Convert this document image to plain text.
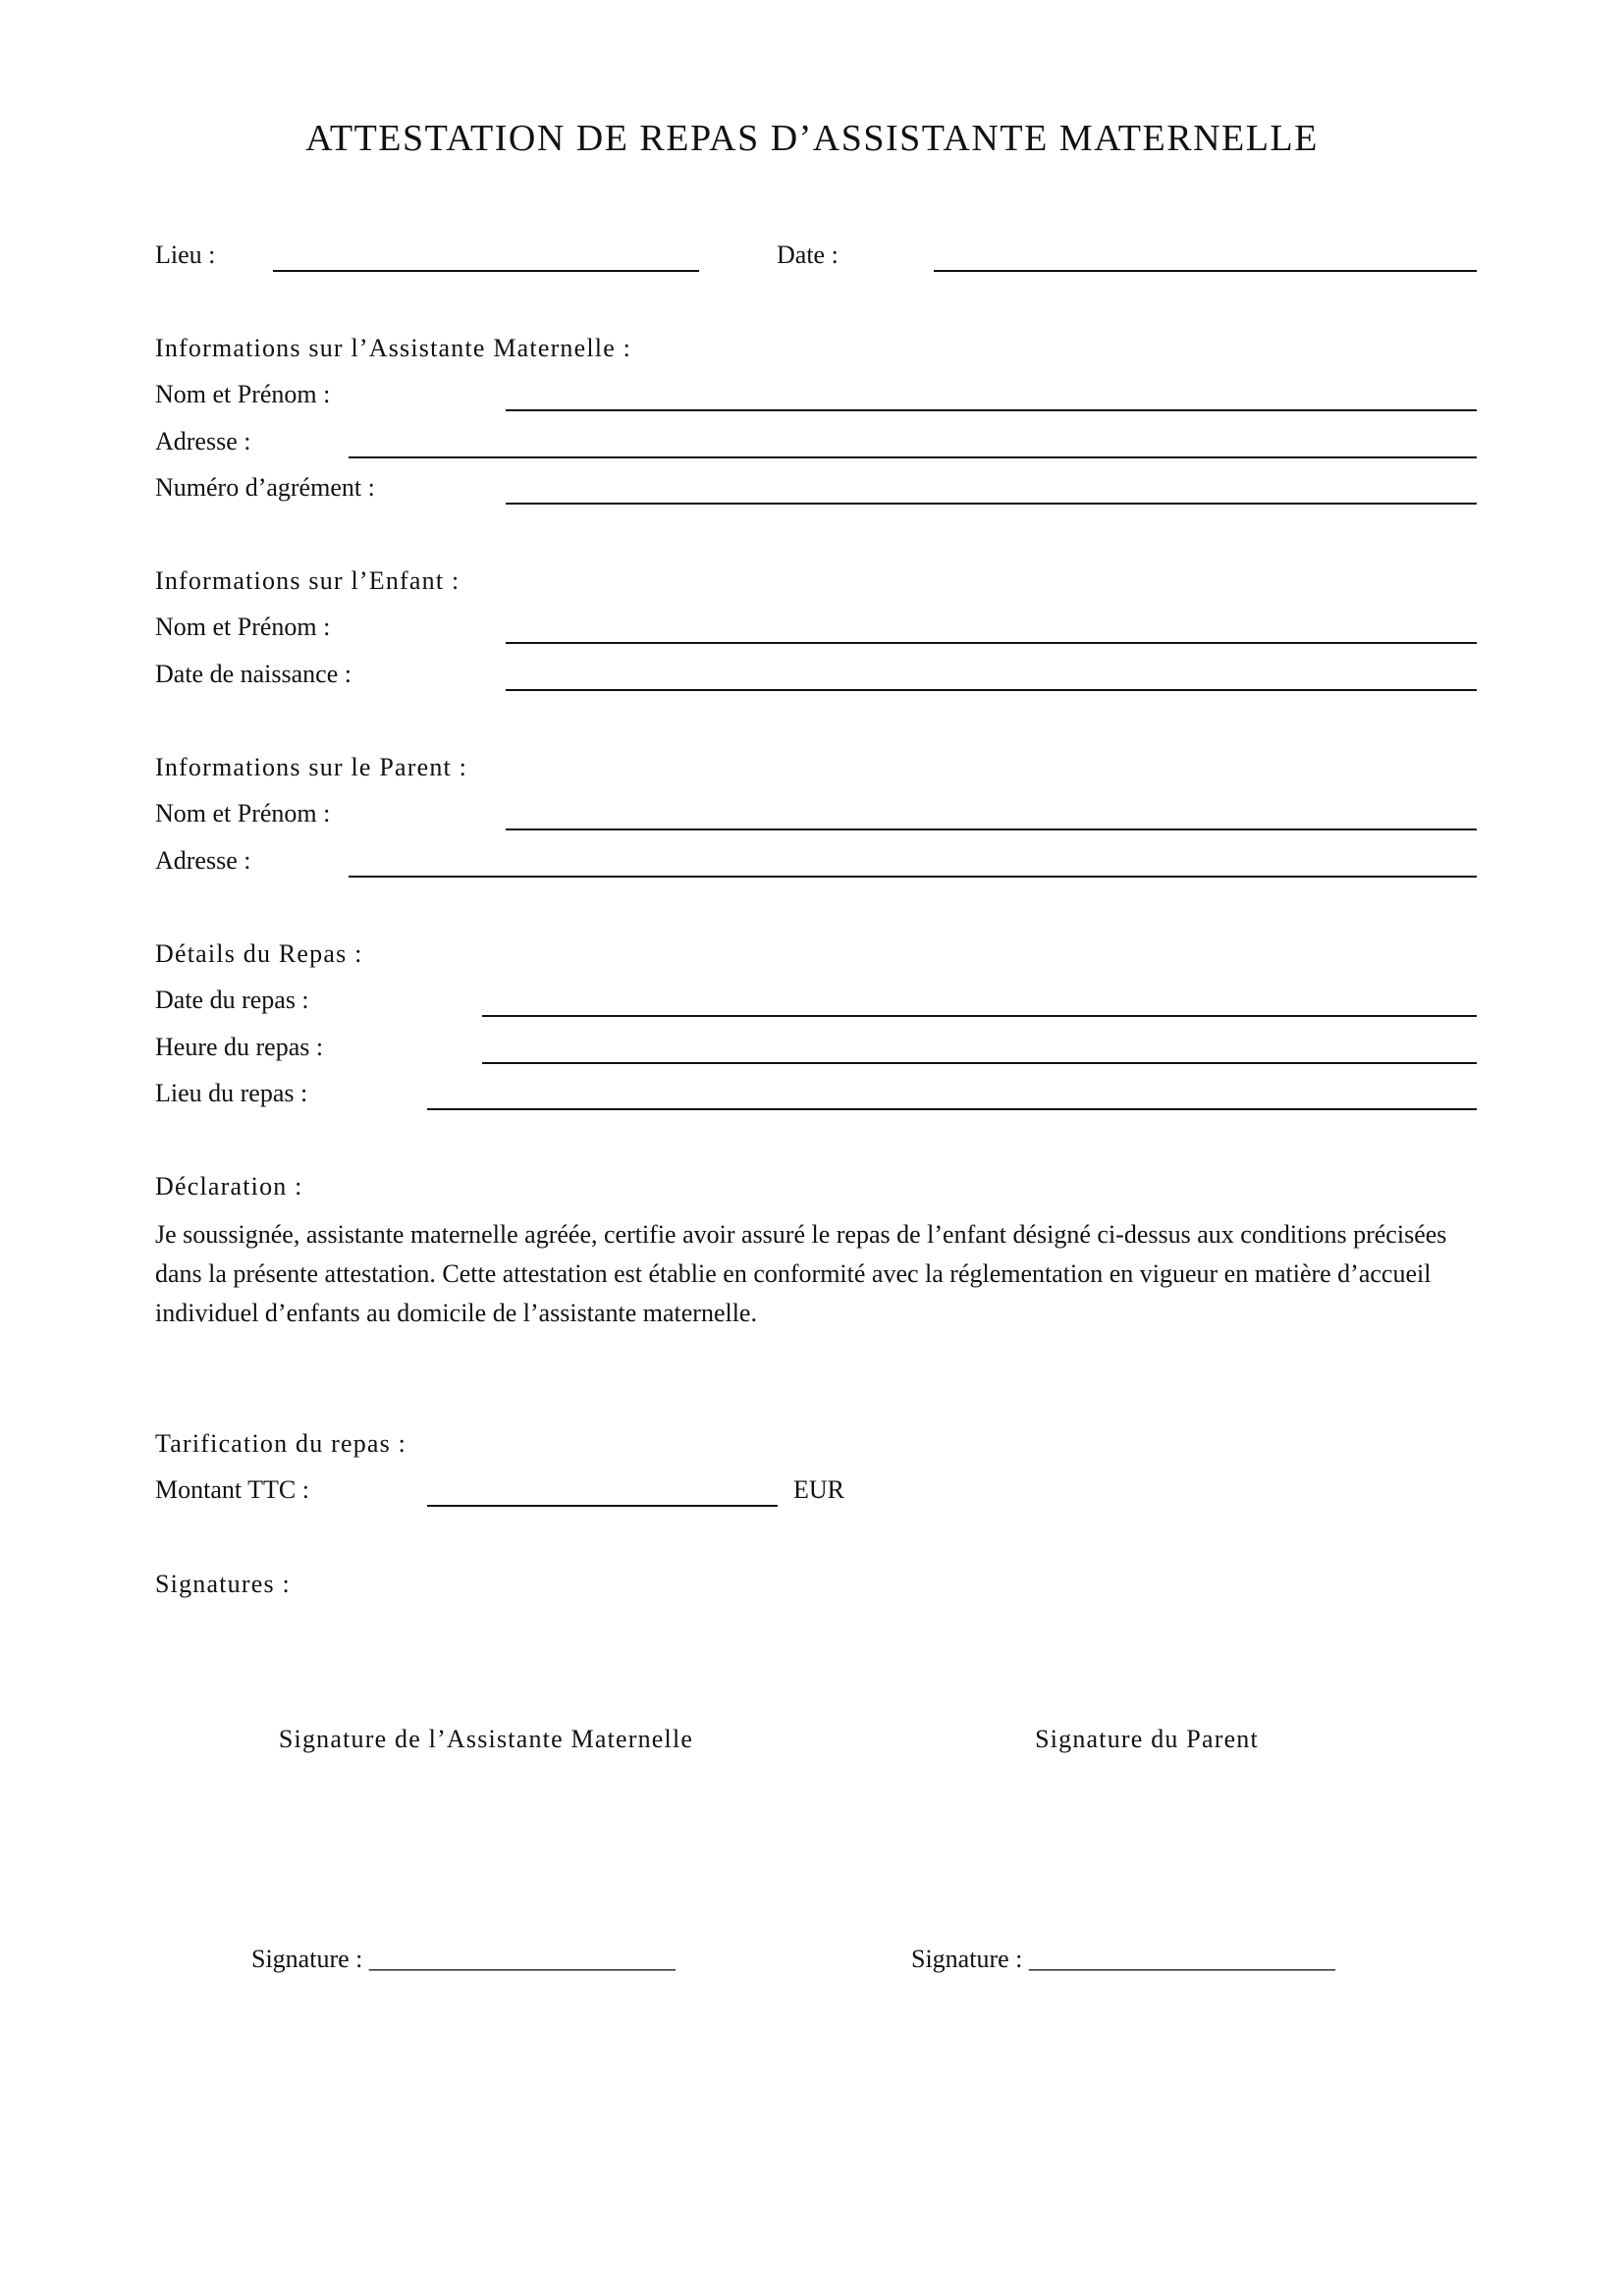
ATTESTATION DE REPAS D’ASSISTANTE MATERNELLE
Lieu :	Date :
Informations sur l’Assistante Maternelle :
Nom et Prénom :
Adresse :
Numéro d’agrément :
Informations sur l’Enfant :
Nom et Prénom :
Date de naissance :
Informations sur le Parent :
Nom et Prénom :
Adresse :
Détails du Repas :
Date du repas :
Heure du repas :
Lieu du repas :
Déclaration :

Je soussignée, assistante maternelle agréée, certifie avoir assuré le repas de l’enfant désigné ci-dessus aux conditions précisées dans la présente attestation. Cette attestation est établie en conformité avec la réglementation en vigueur en matière d’accueil individuel d’enfants au domicile de l’assistante maternelle.

Tarification du repas :
Montant TTC :	EUR
Signatures :
Signature de l’Assistante Maternelle	Signature du Parent
Signature : ________________________	Signature : ________________________
